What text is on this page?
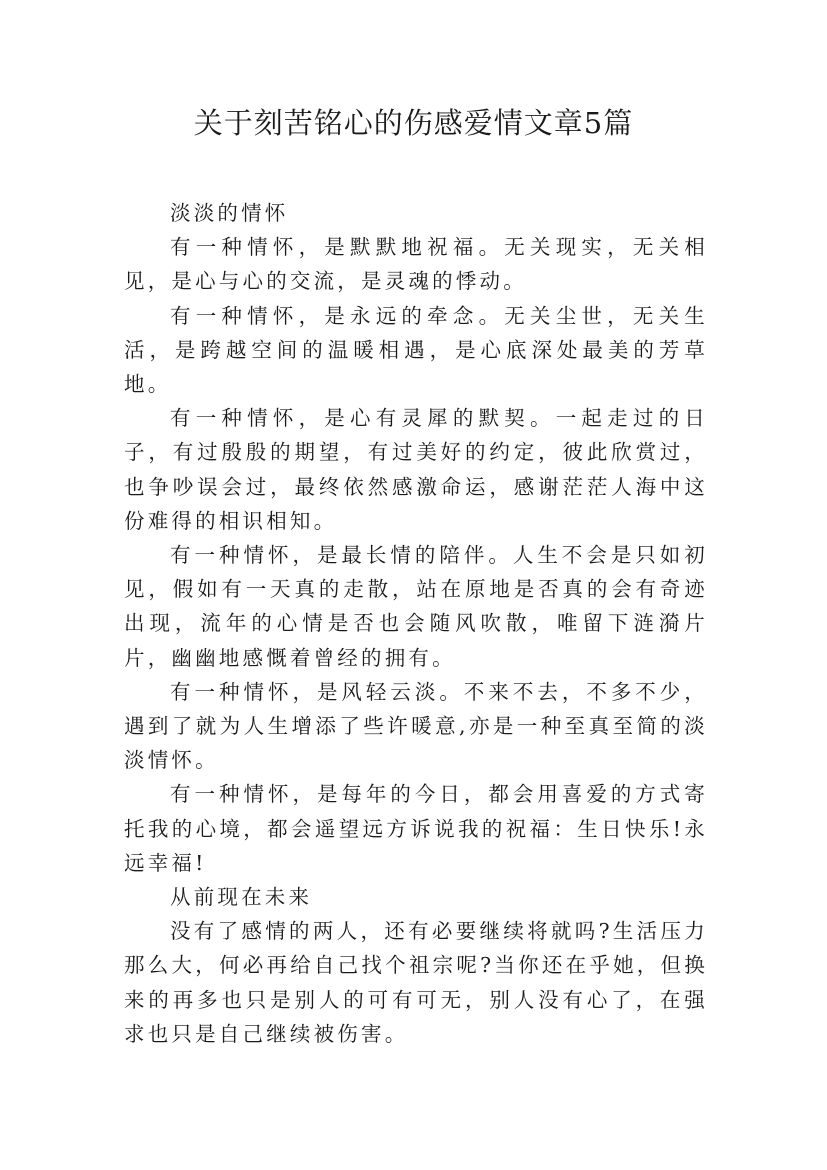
关于刻苦铭心的伤感爱情文章5篇

淡淡的情怀

有一种情怀，是默默地祝福。无关现实，无关相见，是心与心的交流，是灵魂的悸动。

有一种情怀，是永远的牵念。无关尘世，无关生活，是跨越空间的温暖相遇，是心底深处最美的芳草地。

有一种情怀，是心有灵犀的默契。一起走过的日子，有过殷殷的期望，有过美好的约定，彼此欣赏过，也争吵误会过，最终依然感激命运，感谢茫茫人海中这份难得的相识相知。

有一种情怀，是最长情的陪伴。人生不会是只如初见，假如有一天真的走散，站在原地是否真的会有奇迹出现，流年的心情是否也会随风吹散，唯留下涟漪片片，幽幽地感慨着曾经的拥有。

有一种情怀，是风轻云淡。不来不去，不多不少，遇到了就为人生增添了些许暖意,亦是一种至真至简的淡淡情怀。

有一种情怀，是每年的今日，都会用喜爱的方式寄托我的心境，都会遥望远方诉说我的祝福：生日快乐!永远幸福!

从前现在未来

没有了感情的两人，还有必要继续将就吗?生活压力那么大，何必再给自己找个祖宗呢?当你还在乎她，但换来的再多也只是别人的可有可无，别人没有心了，在强求也只是自己继续被伤害。
